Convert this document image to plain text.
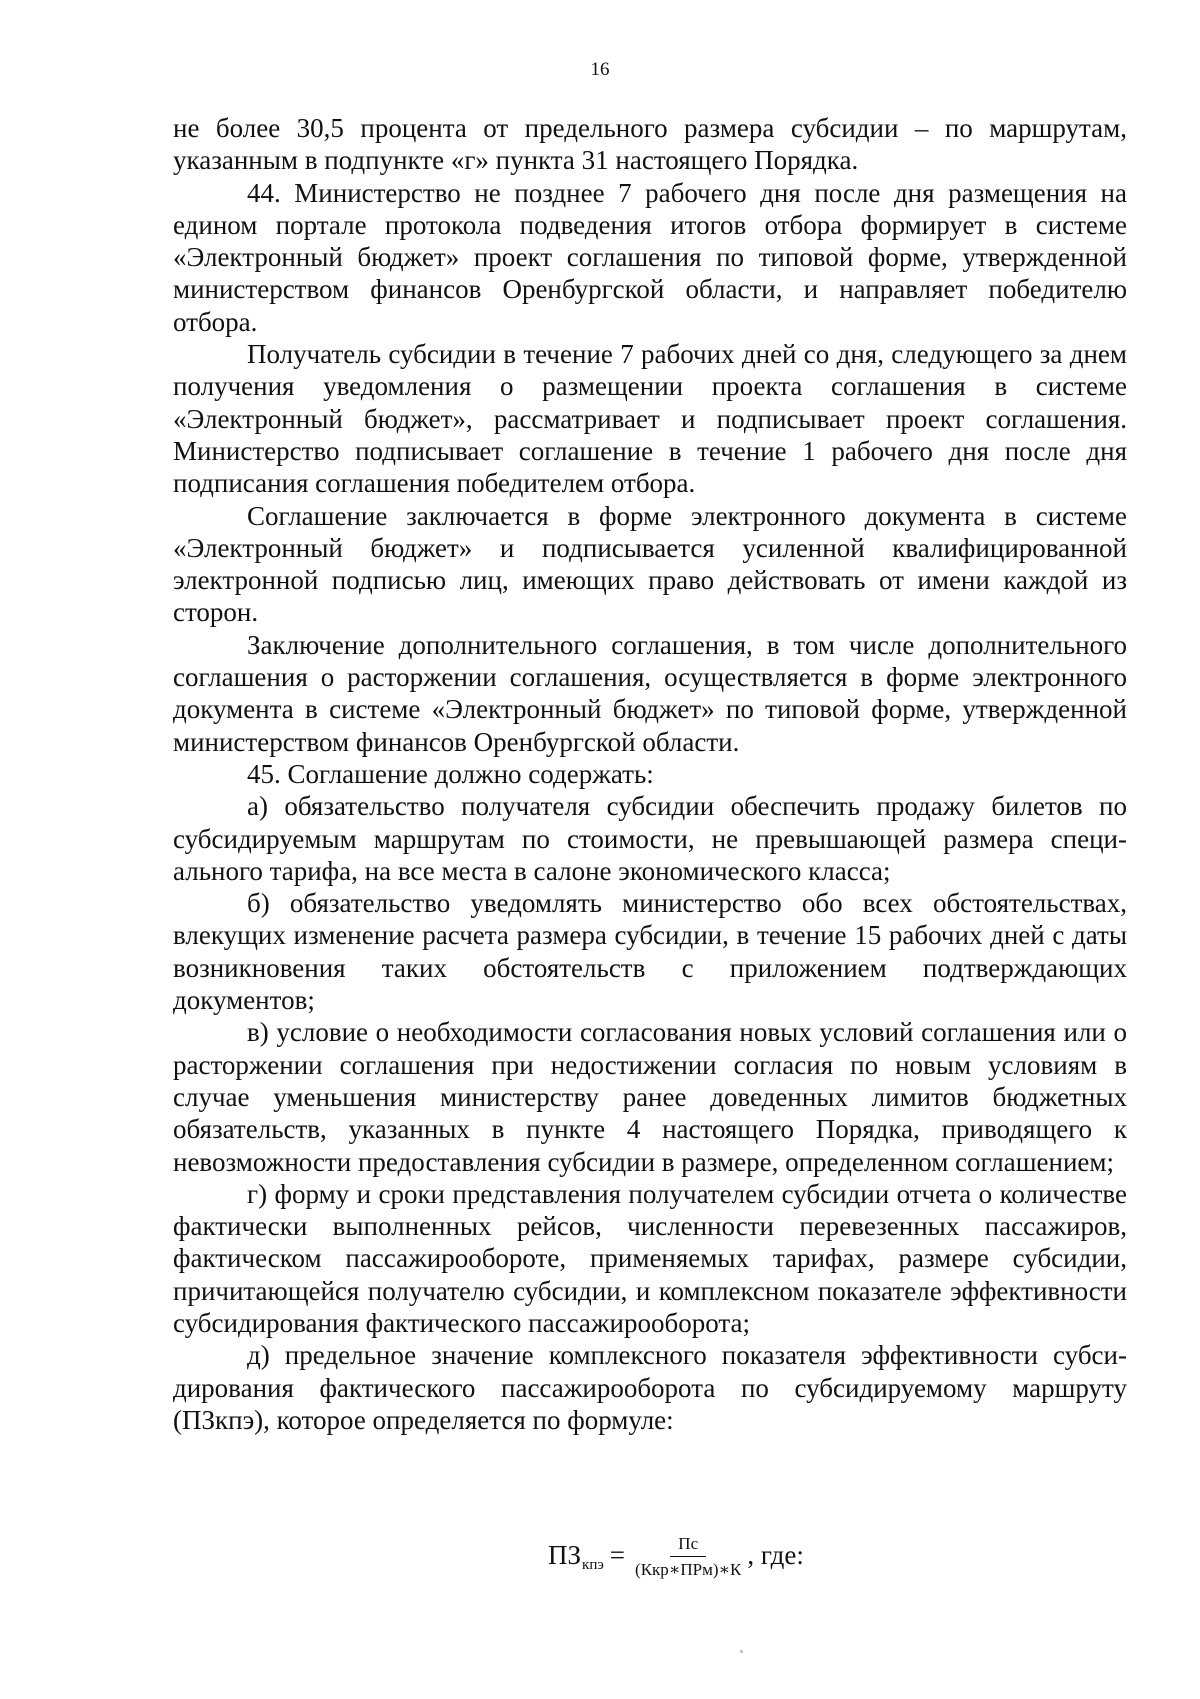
16

не более 30,5 процента от предельного размера субсидии – по маршрутам, указанным в подпункте «г» пункта 31 настоящего Порядка.

44. Министерство не позднее 7 рабочего дня после дня размещения на едином портале протокола подведения итогов отбора формирует в системе «Электронный бюджет» проект соглашения по типовой форме, утвержденной министерством финансов Оренбургской области, и направляет победителю отбора.

Получатель субсидии в течение 7 рабочих дней со дня, следующего за днем получения уведомления о размещении проекта соглашения в системе «Электронный бюджет», рассматривает и подписывает проект соглашения. Министерство подписывает соглашение в течение 1 рабочего дня после дня подписания соглашения победителем отбора.

Соглашение заключается в форме электронного документа в системе «Электронный бюджет» и подписывается усиленной квалифицированной электронной подписью лиц, имеющих право действовать от имени каждой из сторон.

Заключение дополнительного соглашения, в том числе дополнительного соглашения о расторжении соглашения, осуществляется в форме электронного документа в системе «Электронный бюджет» по типовой форме, утвержденной министерством финансов Оренбургской области.

45. Соглашение должно содержать:

а) обязательство получателя субсидии обеспечить продажу билетов по субсидируемым маршрутам по стоимости, не превышающей размера специального тарифа, на все места в салоне экономического класса;

б) обязательство уведомлять министерство обо всех обстоятельствах, влекущих изменение расчета размера субсидии, в течение 15 рабочих дней с даты возникновения таких обстоятельств с приложением подтверждающих документов;

в) условие о необходимости согласования новых условий соглашения или о расторжении соглашения при недостижении согласия по новым условиям в случае уменьшения министерству ранее доведенных лимитов бюджетных обязательств, указанных в пункте 4 настоящего Порядка, приводящего к невозможности предоставления субсидии в размере, определенном соглашением;

г) форму и сроки представления получателем субсидии отчета о количестве фактически выполненных рейсов, численности перевезенных пассажиров, фактическом пассажирообороте, применяемых тарифах, размере субсидии, причитающейся получателю субсидии, и комплексном показателе эффективности субсидирования фактического пассажирооборота;

д) предельное значение комплексного показателя эффективности субсидирования фактического пассажирооборота по субсидируемому маршруту (ПЗкпэ), которое определяется по формуле:

ПЗ кпэ = $\frac{Пс}{\text{(Ккр∗ПРм)∗К}}$ , где:
